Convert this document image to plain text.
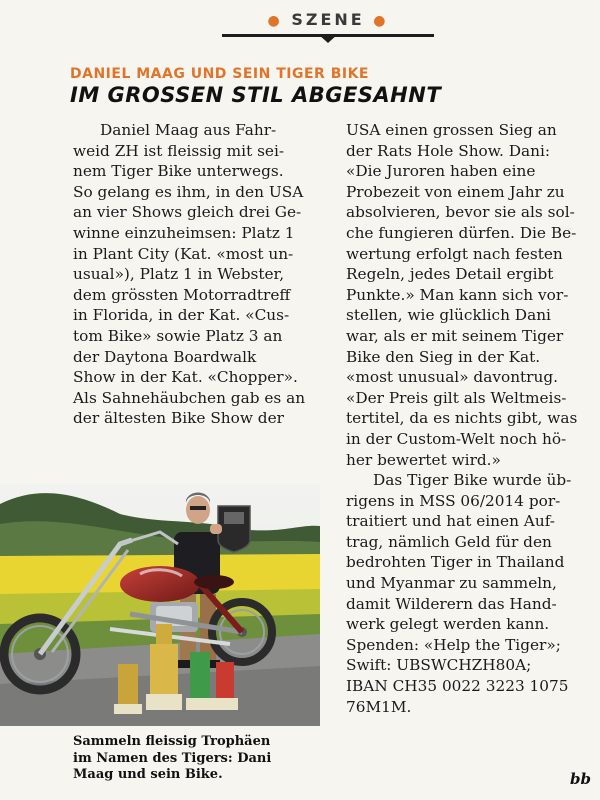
● SZENE ●
DANIEL MAAG UND SEIN TIGER BIKE
IM GROSSEN STIL ABGESAHNT

Daniel Maag aus Fahr-
weid ZH ist fleissig mit sei-
nem Tiger Bike unterwegs.
So gelang es ihm, in den USA
an vier Shows gleich drei Ge-
winne einzuheimsen: Platz 1
in Plant City (Kat. «most un-
usual»), Platz 1 in Webster,
dem grössten Motorradtreff
in Florida, in der Kat. «Cus-
tom Bike» sowie Platz 3 an
der Daytona Boardwalk
Show in der Kat. «Chopper».
Als Sahnehäubchen gab es an
der ältesten Bike Show der

USA einen grossen Sieg an
der Rats Hole Show. Dani:
«Die Juroren haben eine
Probezeit von einem Jahr zu
absolvieren, bevor sie als sol-
che fungieren dürfen. Die Be-
wertung erfolgt nach festen
Regeln, jedes Detail ergibt
Punkte.» Man kann sich vor-
stellen, wie glücklich Dani
war, als er mit seinem Tiger
Bike den Sieg in der Kat.
«most unusual» davontrug.
«Der Preis gilt als Weltmeis-
tertitel, da es nichts gibt, was
in der Custom-Welt noch hö-
her bewertet wird.»

Das Tiger Bike wurde üb-
rigens in MSS 06/2014 por-
traitiert und hat einen Auf-
trag, nämlich Geld für den
bedrohten Tiger in Thailand
und Myanmar zu sammeln,
damit Wilderern das Hand-
werk gelegt werden kann.
Spenden: «Help the Tiger»;
Swift: UBSWCHZH80A;
IBAN CH35 0022 3223 1075
76M1M.

Sammeln fleissig Trophäen
im Namen des Tigers: Dani
Maag und sein Bike.	bb
